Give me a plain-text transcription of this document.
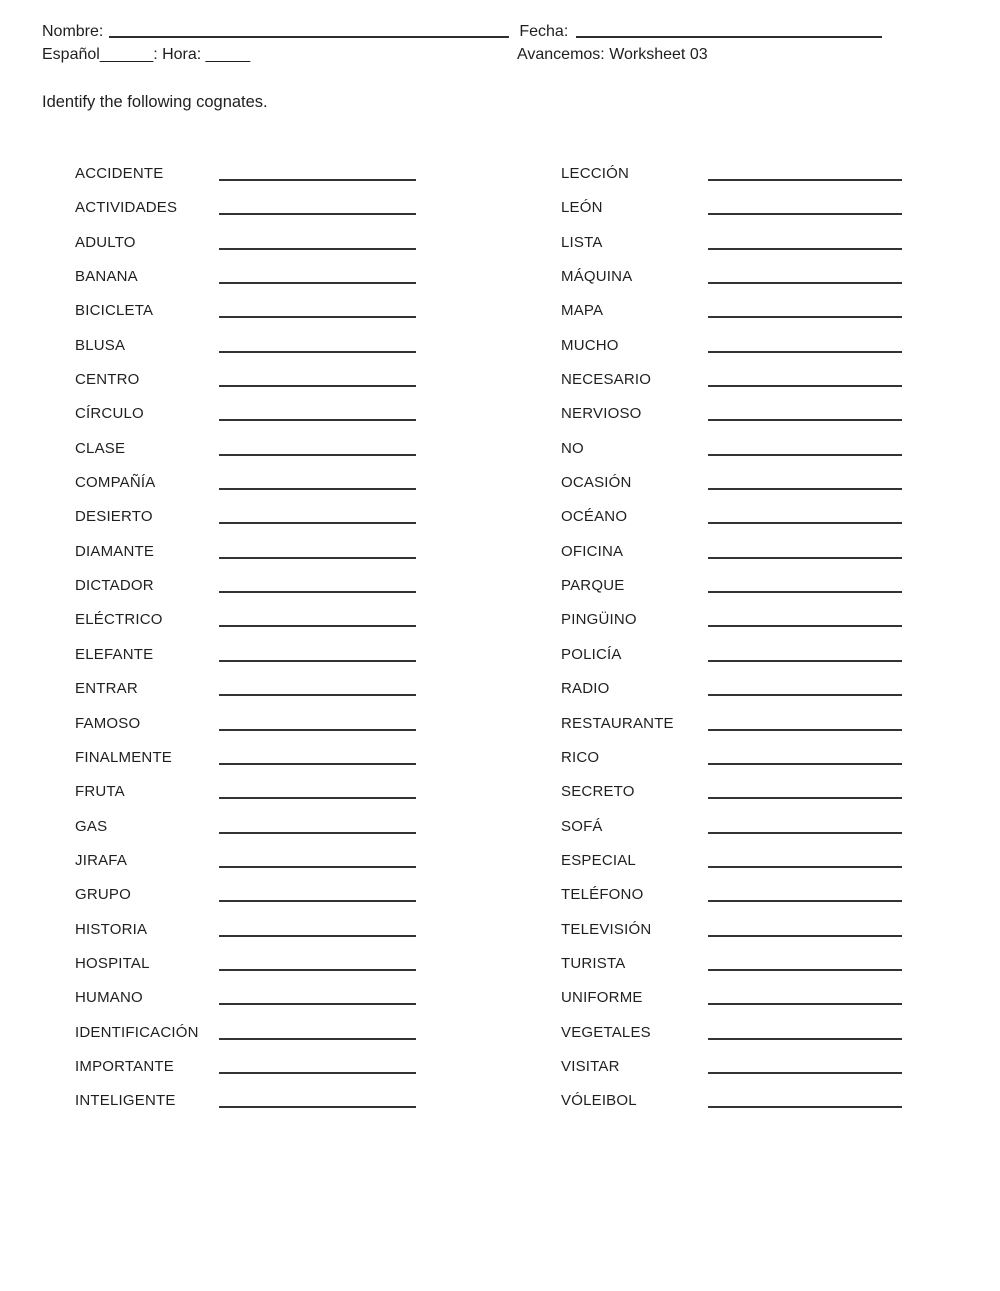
Nombre:	Fecha:
Español______: Hora: _____	Avancemos: Worksheet 03
Identify the following cognates.
ACCIDENTE
ACTIVIDADES
ADULTO
BANANA
BICICLETA
BLUSA
CENTRO
CÍRCULO
CLASE
COMPAÑÍA
DESIERTO
DIAMANTE
DICTADOR
ELÉCTRICO
ELEFANTE
ENTRAR
FAMOSO
FINALMENTE
FRUTA
GAS
JIRAFA
GRUPO
HISTORIA
HOSPITAL
HUMANO
IDENTIFICACIÓN
IMPORTANTE
INTELIGENTE
LECCIÓN
LEÓN
LISTA
MÁQUINA
MAPA
MUCHO
NECESARIO
NERVIOSO
NO
OCASIÓN
OCÉANO
OFICINA
PARQUE
PINGÜINO
POLICÍA
RADIO
RESTAURANTE
RICO
SECRETO
SOFÁ
ESPECIAL
TELÉFONO
TELEVISIÓN
TURISTA
UNIFORME
VEGETALES
VISITAR
VÓLEIBOL
